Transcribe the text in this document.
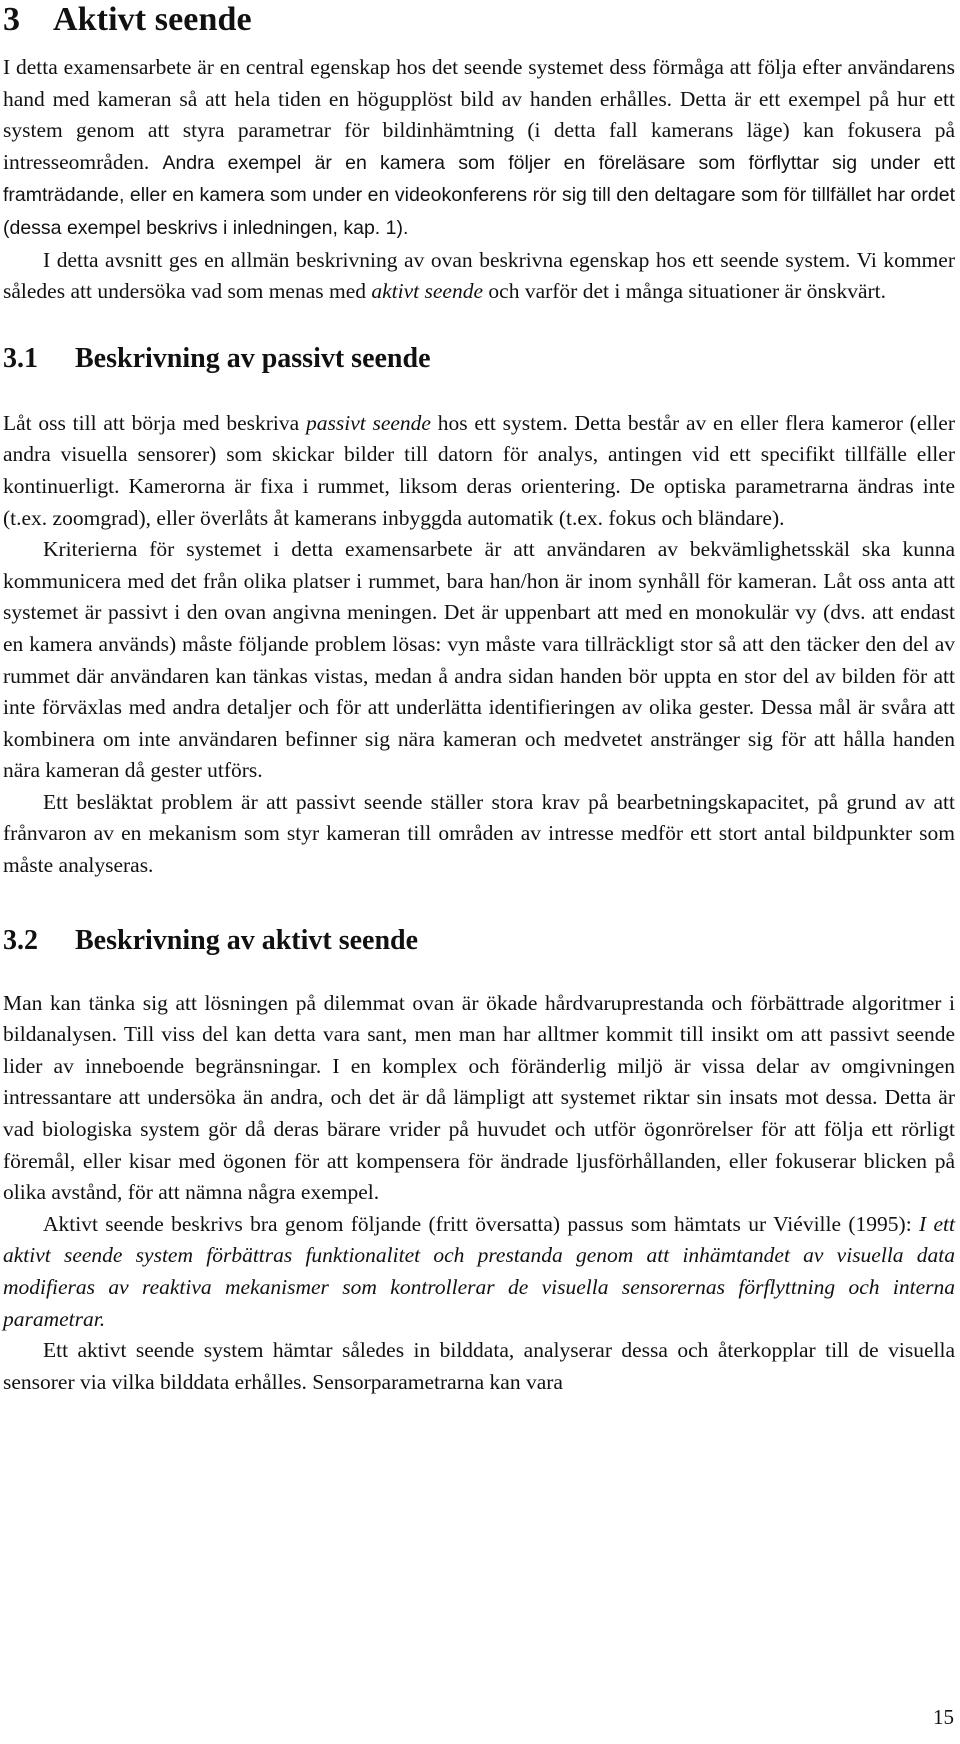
3 Aktivt seende

I detta examensarbete är en central egenskap hos det seende systemet dess förmåga att följa efter användarens hand med kameran så att hela tiden en högupplöst bild av handen erhålles. Detta är ett exempel på hur ett system genom att styra parametrar för bildinhämtning (i detta fall kamerans läge) kan fokusera på intresseområden. Andra exempel är en kamera som följer en föreläsare som förflyttar sig under ett framträdande, eller en kamera som under en videokonferens rör sig till den deltagare som för tillfället har ordet (dessa exempel beskrivs i inledningen, kap. 1).

I detta avsnitt ges en allmän beskrivning av ovan beskrivna egenskap hos ett seende system. Vi kommer således att undersöka vad som menas med aktivt seende och varför det i många situationer är önskvärt.

3.1 Beskrivning av passivt seende

Låt oss till att börja med beskriva passivt seende hos ett system. Detta består av en eller flera kameror (eller andra visuella sensorer) som skickar bilder till datorn för analys, antingen vid ett specifikt tillfälle eller kontinuerligt. Kamerorna är fixa i rummet, liksom deras orientering. De optiska parametrarna ändras inte (t.ex. zoomgrad), eller överlåts åt kamerans inbyggda automatik (t.ex. fokus och bländare).

Kriterierna för systemet i detta examensarbete är att användaren av bekvämlighetsskäl ska kunna kommunicera med det från olika platser i rummet, bara han/hon är inom synhåll för kameran. Låt oss anta att systemet är passivt i den ovan angivna meningen. Det är uppenbart att med en monokulär vy (dvs. att endast en kamera används) måste följande problem lösas: vyn måste vara tillräckligt stor så att den täcker den del av rummet där användaren kan tänkas vistas, medan å andra sidan handen bör uppta en stor del av bilden för att inte förväxlas med andra detaljer och för att underlätta identifieringen av olika gester. Dessa mål är svåra att kombinera om inte användaren befinner sig nära kameran och medvetet anstränger sig för att hålla handen nära kameran då gester utförs.

Ett besläktat problem är att passivt seende ställer stora krav på bearbetningskapacitet, på grund av att frånvaron av en mekanism som styr kameran till områden av intresse medför ett stort antal bildpunkter som måste analyseras.

3.2 Beskrivning av aktivt seende

Man kan tänka sig att lösningen på dilemmat ovan är ökade hårdvaruprestanda och förbättrade algoritmer i bildanalysen. Till viss del kan detta vara sant, men man har alltmer kommit till insikt om att passivt seende lider av inneboende begränsningar. I en komplex och föränderlig miljö är vissa delar av omgivningen intressantare att undersöka än andra, och det är då lämpligt att systemet riktar sin insats mot dessa. Detta är vad biologiska system gör då deras bärare vrider på huvudet och utför ögonrörelser för att följa ett rörligt föremål, eller kisar med ögonen för att kompensera för ändrade ljusförhållanden, eller fokuserar blicken på olika avstånd, för att nämna några exempel.

Aktivt seende beskrivs bra genom följande (fritt översatta) passus som hämtats ur Viéville (1995): I ett aktivt seende system förbättras funktionalitet och prestanda genom att inhämtandet av visuella data modifieras av reaktiva mekanismer som kontrollerar de visuella sensorernas förflyttning och interna parametrar.

Ett aktivt seende system hämtar således in bilddata, analyserar dessa och återkopplar till de visuella sensorer via vilka bilddata erhålles. Sensorparametrarna kan vara

15
